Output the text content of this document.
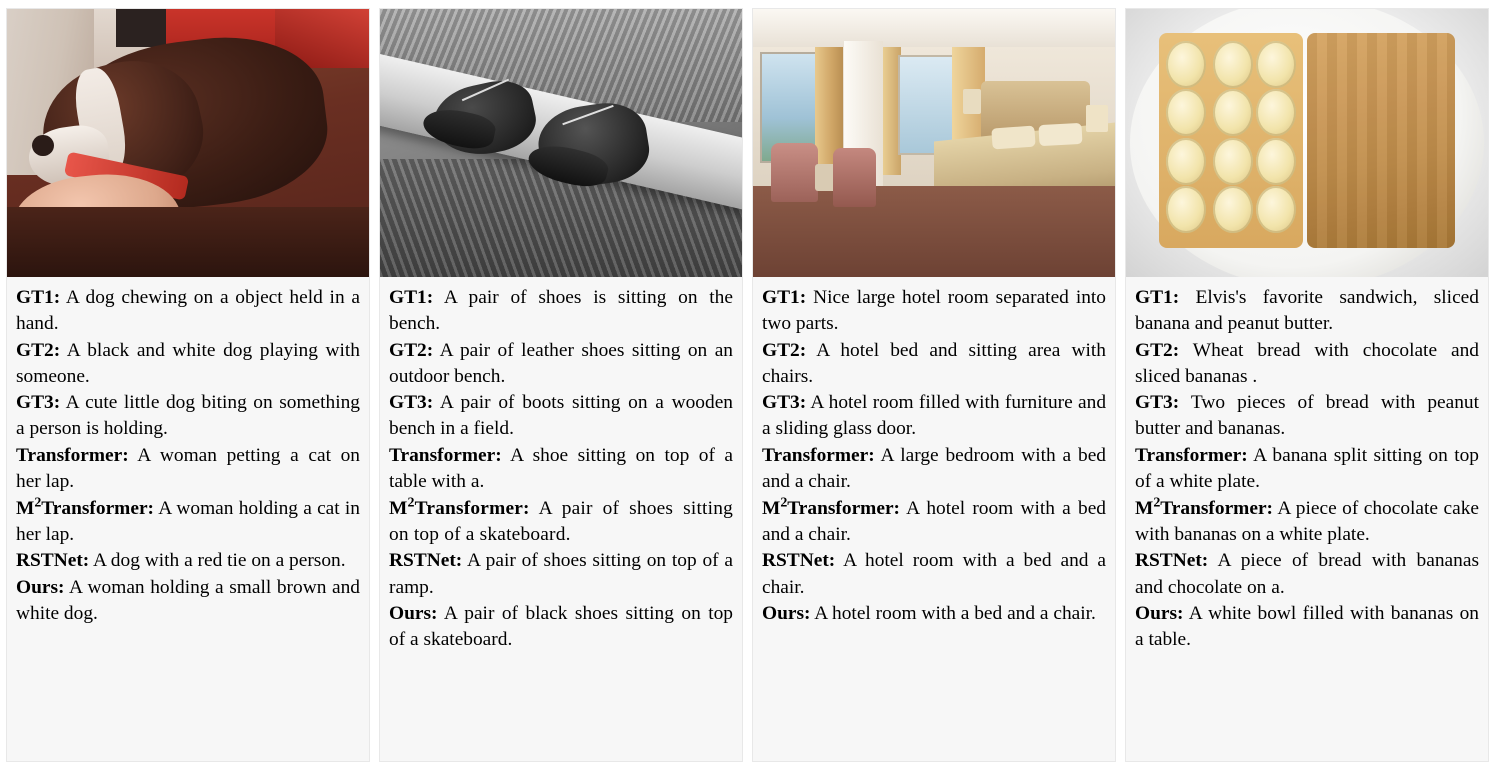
GT1: A dog chewing on a object held in a hand.

GT2: A black and white dog playing with someone.

GT3: A cute little dog biting on something a person is holding.

Transformer: A woman petting a cat on her lap.

$M^2Transformer$: A woman holding a cat in her lap.

RSTNet: A dog with a red tie on a person.

Ours: A woman holding a small brown and white dog.

GT1: A pair of shoes is sitting on the bench.

GT2: A pair of leather shoes sitting on an outdoor bench.

GT3: A pair of boots sitting on a wooden bench in a field.

Transformer: A shoe sitting on top of a table with a.

$M^2Transformer$: A pair of shoes sitting on top of a skateboard.

RSTNet: A pair of shoes sitting on top of a ramp.

Ours: A pair of black shoes sitting on top of a skateboard.

GT1: Nice large hotel room separated into two parts.

GT2: A hotel bed and sitting area with chairs.

GT3: A hotel room filled with furniture and a sliding glass door.

Transformer: A large bedroom with a bed and a chair.

$M^2Transformer$: A hotel room with a bed and a chair.

RSTNet: A hotel room with a bed and a chair.

Ours: A hotel room with a bed and a chair.

GT1: Elvis's favorite sandwich, sliced banana and peanut butter.

GT2: Wheat bread with chocolate and sliced bananas .

GT3: Two pieces of bread with peanut butter and bananas.

Transformer: A banana split sitting on top of a white plate.

$M^2Transformer$: A piece of chocolate cake with bananas on a white plate.

RSTNet: A piece of bread with bananas and chocolate on a.

Ours: A white bowl filled with bananas on a table.
